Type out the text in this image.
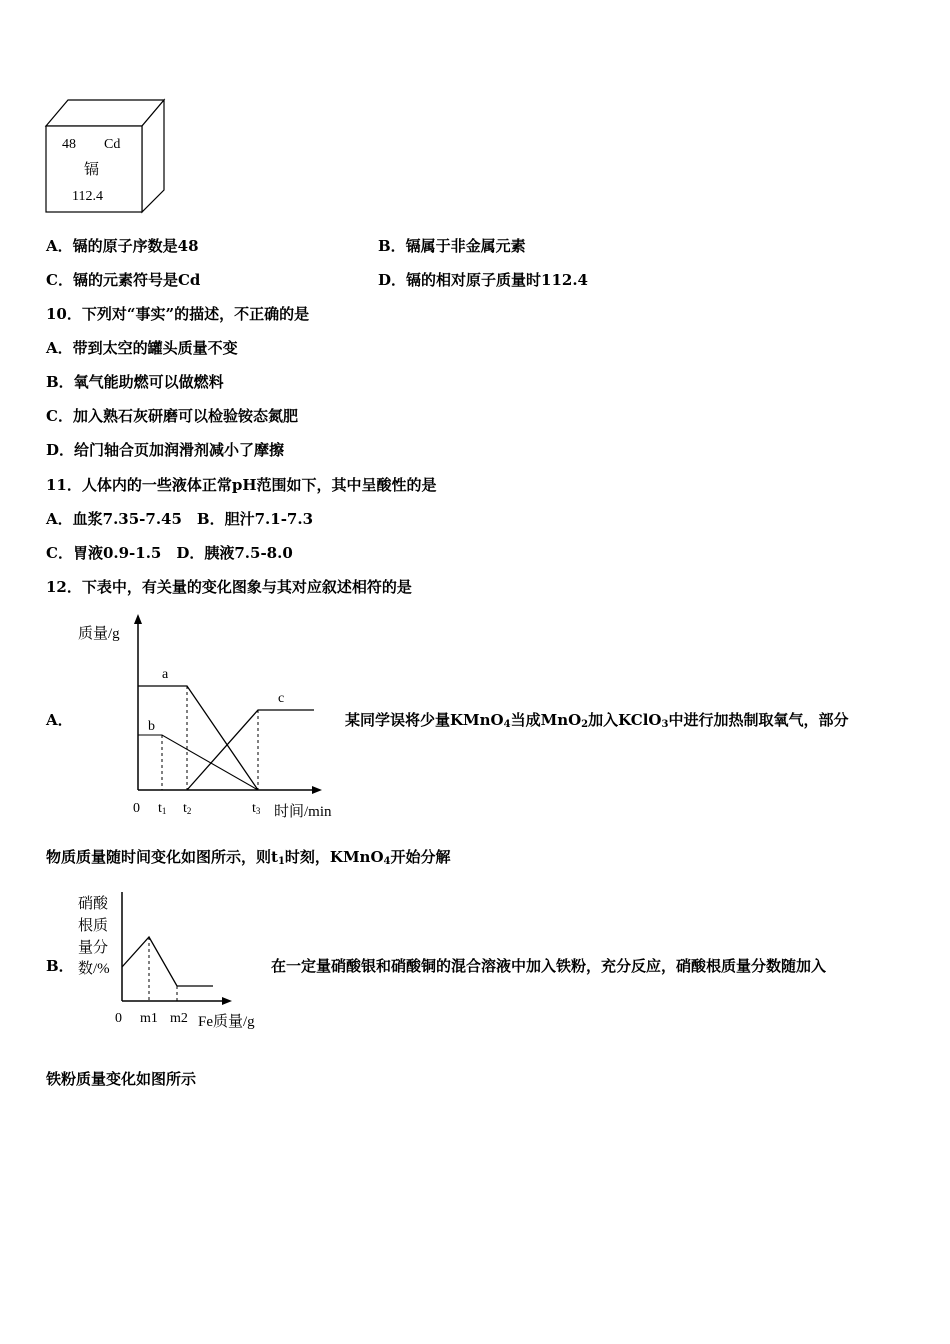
48 Cd
镉
112.4
A．镉的原子序数是48	B．镉属于非金属元素
C．镉的元素符号是Cd	D．镉的相对原子质量时112.4
10．下列对“事实”的描述，不正确的是
A．带到太空的罐头质量不变
B．氧气能助燃可以做燃料
C．加入熟石灰研磨可以检验铵态氮肥
D．给门轴合页加润滑剂减小了摩擦
11．人体内的一些液体正常pH范围如下，其中呈酸性的是
A．血浆7.35-7.45　B．胆汁7.1-7.3
C．胃液0.9-1.5　D．胰液7.5-8.0
12．下表中，有关量的变化图象与其对应叙述相符的是
A．
质量/g
a
b
c
0 t1 t2	t3 时间/min
某同学误将少量KMnO$_4$当成MnO$_2$加入KClO$_3$中进行加热制取氧气，部分
物质质量随时间变化如图所示，则$t_1$时刻，KMnO$_4$开始分解
B．
硝酸
根质
量分
数/%
0 m1 m2 Fe质量/g
在一定量硝酸银和硝酸铜的混合溶液中加入铁粉，充分反应，硝酸根质量分数随加入
铁粉质量变化如图所示
